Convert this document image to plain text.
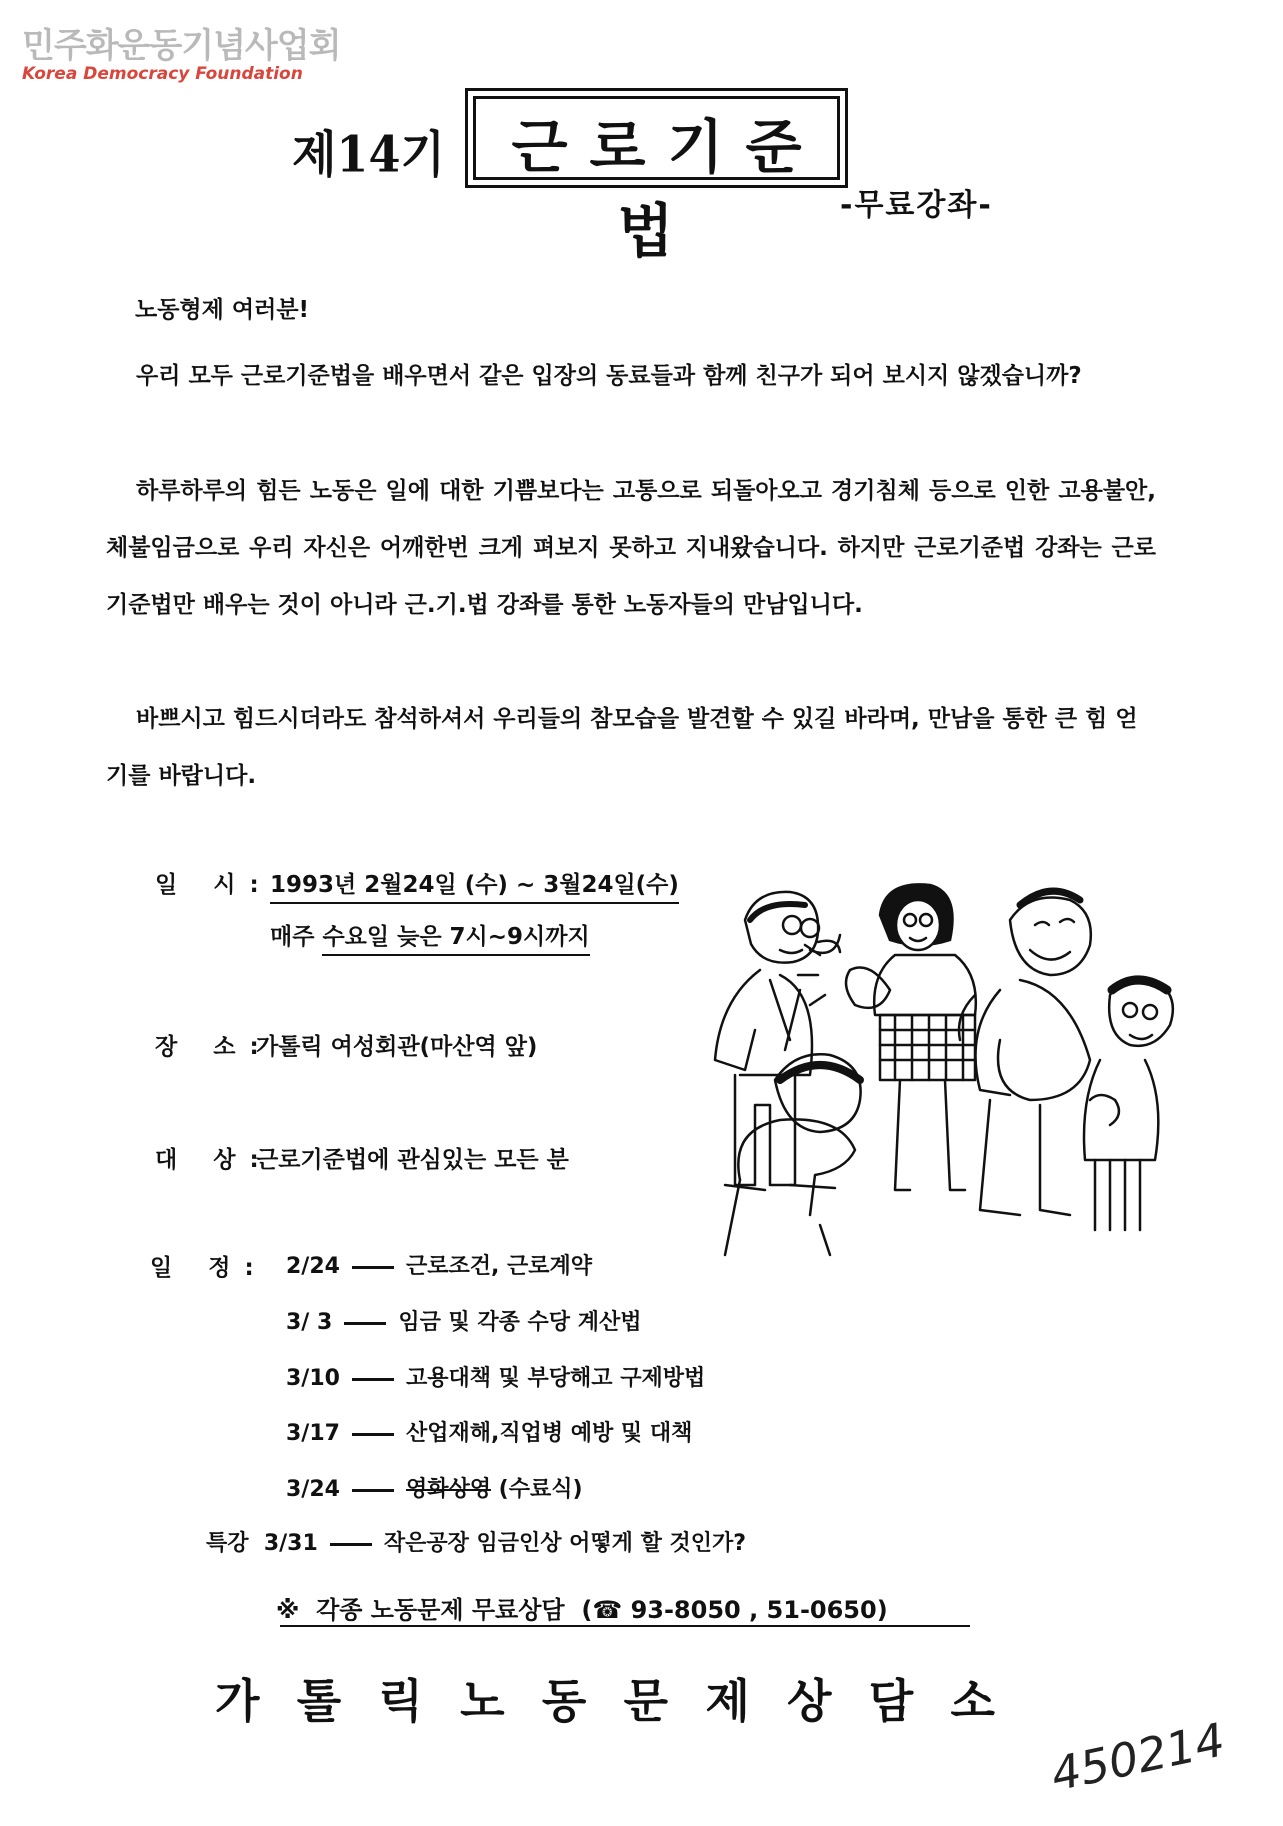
민주화운동기념사업회
Korea Democracy Foundation
제14기	근로기준법	-무료강좌-
노동형제 여러분!
우리 모두 근로기준법을 배우면서 같은 입장의 동료들과 함께 친구가 되어 보시지 않겠습니까?
하루하루의 힘든 노동은 일에 대한 기쁨보다는 고통으로 되돌아오고 경기침체 등으로 인한 고용불안,체불임금으로 우리 자신은 어깨한번 크게 펴보지 못하고 지내왔습니다. 하지만 근로기준법 강좌는 근로기준법만 배우는 것이 아니라 근.기.법 강좌를 통한 노동자들의 만남입니다.
바쁘시고 힘드시더라도 참석하셔서 우리들의 참모습을 발견할 수 있길 바라며, 만남을 통한 큰 힘 얻기를 바랍니다.
일 시:
1993년 2월24일 (수) ~ 3월24일(수)
매주 수요일 늦은 7시~9시까지
장 소:
가톨릭 여성회관(마산역 앞)
대 상:
근로기준법에 관심있는 모든 분
일 정: 2/24	근로조건, 근로계약
3/ 3	임금 및 각종 수당 계산법
3/10	고용대책 및 부당해고 구제방법
3/17	산업재해,직업병 예방 및 대책
3/24	영화상영 (수료식)
특강 3/31	작은공장 임금인상 어떻게 할 것인가?
※ 각종 노동문제 무료상담 (☎ 93-8050 , 51-0650)
가 톨 릭 노 동 문 제 상 담 소
450214
